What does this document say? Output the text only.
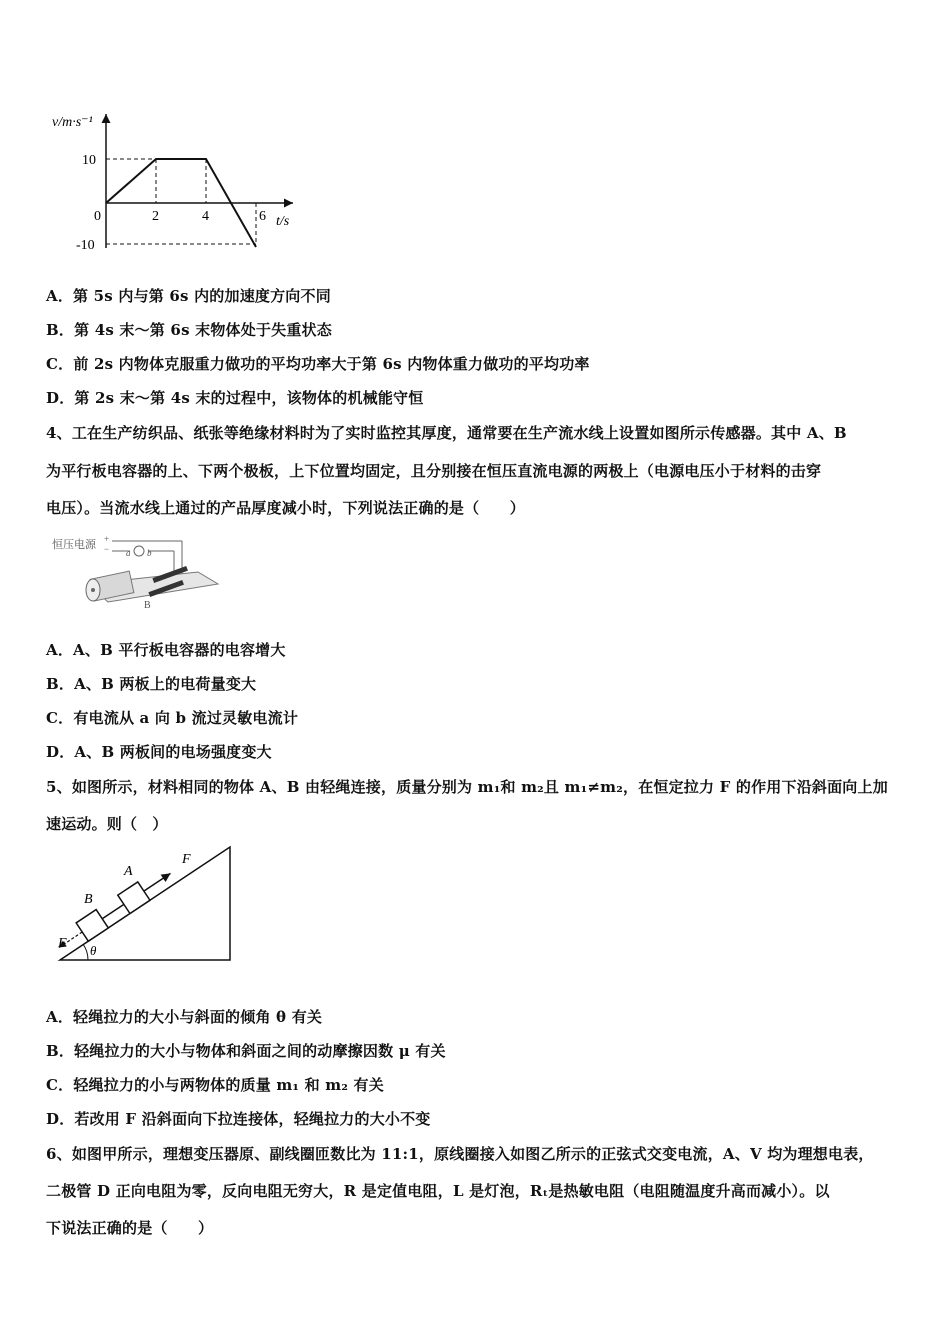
v/m·s⁻¹
t/s
10
-10
0	2	4	6
A．第 5s 内与第 6s 内的加速度方向不同
B．第 4s 末～第 6s 末物体处于失重状态
C．前 2s 内物体克服重力做功的平均功率大于第 6s 内物体重力做功的平均功率
D．第 2s 末～第 4s 末的过程中，该物体的机械能守恒
4、工在生产纺织品、纸张等绝缘材料时为了实时监控其厚度，通常要在生产流水线上设置如图所示传感器。其中 A、B
为平行板电容器的上、下两个极板，上下位置均固定，且分别接在恒压直流电源的两极上（电源电压小于材料的击穿
电压）。当流水线上通过的产品厚度减小时，下列说法正确的是（　　）
恒压电源 +
− a b
B
A．A、B 平行板电容器的电容增大
B．A、B 两板上的电荷量变大
C．有电流从 a 向 b 流过灵敏电流计
D．A、B 两板间的电场强度变大
5、如图所示，材料相同的物体 A、B 由轻绳连接，质量分别为 m₁和 m₂且 m₁≠m₂，在恒定拉力 F 的作用下沿斜面向上加
速运动。则（　）
θ
A
B
F
F
A．轻绳拉力的大小与斜面的倾角 θ 有关
B．轻绳拉力的大小与物体和斜面之间的动摩擦因数 μ 有关
C．轻绳拉力的小与两物体的质量 m₁ 和 m₂ 有关
D．若改用 F 沿斜面向下拉连接体，轻绳拉力的大小不变
6、如图甲所示，理想变压器原、副线圈匝数比为 11:1，原线圈接入如图乙所示的正弦式交变电流，A、V 均为理想电表，
二极管 D 正向电阻为零，反向电阻无穷大，R 是定值电阻，L 是灯泡，Rₜ是热敏电阻（电阻随温度升高而减小）。以
下说法正确的是（　　）
